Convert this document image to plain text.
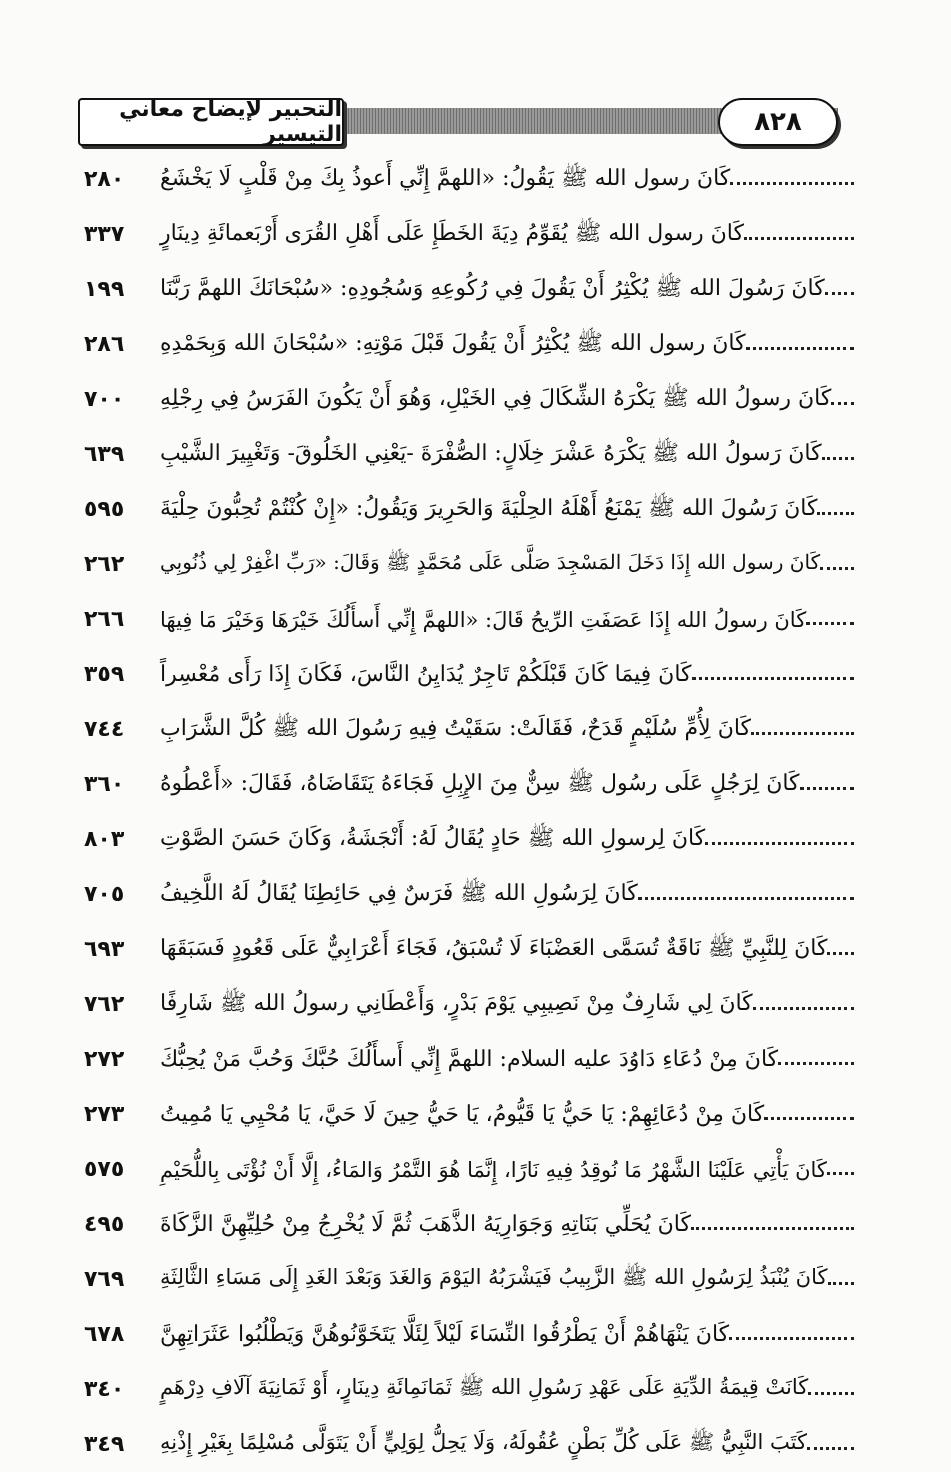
التحبير لإيضاح معاني التيسير	٨٢٨
٢٨٠	كَانَ رسول الله ﷺ يَقُولُ: «اللهمَّ إِنِّي أَعوذُ بِكَ مِنْ قَلْبٍ لَا يَخْشَعُ
٣٣٧	كَانَ رسول الله ﷺ يُقَوِّمُ دِيَةَ الخَطَإِ عَلَى أَهْلِ القُرَى أَرْبَعمائَةِ دِينَارٍ
١٩٩	كَانَ رَسُولَ الله ﷺ يُكْثِرُ أَنْ يَقُولَ فِي رُكُوعِهِ وَسُجُودِهِ: «سُبْحَانَكَ اللهمَّ رَبَّنَا
٢٨٦	كَانَ رسول الله ﷺ يُكْثِرُ أَنْ يَقُولَ قَبْلَ مَوْتِهِ: «سُبْحَانَ الله وَبِحَمْدِهِ
٧٠٠	كَانَ رسولُ الله ﷺ يَكْرَهُ الشِّكَالَ فِي الخَيْلِ، وَهُوَ أَنْ يَكُونَ الفَرَسُ فِي رِجْلِهِ
٦٣٩	كَانَ رَسولُ الله ﷺ يَكْرَهُ عَشْرَ خِلَالٍ: الصُّفْرَةَ -يَعْنِي الخَلُوقَ- وَتَغْيِيرَ الشَّيْبِ
٥٩٥	كَانَ رَسُولَ الله ﷺ يَمْنَعُ أَهْلَهُ الحِلْيَةَ وَالحَرِيرَ وَيَقُولُ: «إِنْ كُنْتُمْ تُحِبُّونَ حِلْيَةَ
٢٦٢	كَانَ رسول الله إِذَا دَخَلَ المَسْجِدَ صَلَّى عَلَى مُحَمَّدٍ ﷺ وَقَالَ: «رَبِّ اغْفِرْ لِي ذُنُوبِي
٢٦٦	كَانَ رسولُ الله إِذَا عَصَفَتِ الرِّيحُ قَالَ: «اللهمَّ إِنِّي أَسأَلُكَ خَيْرَهَا وَخَيْرَ مَا فِيهَا
٣٥٩	كَانَ فِيمَا كَانَ قَبْلَكُمْ تَاجِرٌ يُدَايِنُ النَّاسَ، فَكَانَ إِذَا رَأَى مُعْسِراً
٧٤٤	كَانَ لِأُمِّ سُلَيْمٍ قَدَحٌ، فَقَالَتْ: سَقَيْتُ فِيهِ رَسُولَ الله ﷺ كُلَّ الشَّرَابِ
٣٦٠	كَانَ لِرَجُلٍ عَلَى رسُول ﷺ سِنٌّ مِنَ الإِبِلِ فَجَاءَهُ يَتَقَاضَاهُ، فَقَالَ: «أَعْطُوهُ
٨٠٣	كَانَ لِرسولِ الله ﷺ حَادٍ يُقَالُ لَهُ: أَنْجَشَةُ، وَكَانَ حَسَنَ الصَّوْتِ
٧٠٥	كَانَ لِرَسُولِ الله ﷺ فَرَسٌ فِي حَائِطِنَا يُقَالُ لَهُ اللَّخِيفُ
٦٩٣	كَانَ لِلنَّبِيِّ ﷺ نَاقَةٌ تُسَمَّى العَضْبَاءَ لَا تُسْبَقُ، فَجَاءَ أَعْرَابِيٌّ عَلَى قَعُودٍ فَسَبَقَهَا
٧٦٢	كَانَ لِي شَارِفٌ مِنْ نَصِيبِي يَوْمَ بَدْرٍ، وَأَعْطَانِي رسولُ الله ﷺ شَارِفًا
٢٧٢	كَانَ مِنْ دُعَاءِ دَاوُدَ عليه السلام: اللهمَّ إِنِّي أَسأَلُكَ حُبَّكَ وَحُبَّ مَنْ يُحِبُّكَ
٢٧٣	كَانَ مِنْ دُعَائِهِمْ: يَا حَيُّ يَا قَيُّومُ، يَا حَيُّ حِينَ لَا حَيَّ، يَا مُحْيِي يَا مُمِيتُ
٥٧٥	كَانَ يَأْتِي عَلَيْنَا الشَّهْرُ مَا نُوقِدُ فِيهِ نَارًا، إِنَّمَا هُوَ التَّمْرُ وَالمَاءُ، إِلَّا أَنْ نُؤْتَى بِاللُّحَيْمِ
٤٩٥	كَانَ يُحَلِّي بَنَاتِهِ وَجَوَارِيَهُ الذَّهَبَ ثُمَّ لَا يُخْرِجُ مِنْ حُلِيِّهِنَّ الزَّكَاةَ
٧٦٩	كَانَ يُنْبَذُ لِرَسُولِ الله ﷺ الزَّبِيبُ فَيَشْرَبُهُ اليَوْمَ وَالغَدَ وَبَعْدَ الغَدِ إِلَى مَسَاءِ الثَّالِثَةِ
٦٧٨	كَانَ يَنْهَاهُمْ أَنْ يَطْرُقُوا النِّسَاءَ لَيْلاً لِئَلَّا يَتَخَوَّنُوهُنَّ وَيَطْلُبُوا عَثَرَاتِهِنَّ
٣٤٠	كَانَتْ قِيمَةُ الدِّيَةِ عَلَى عَهْدِ رَسُولِ الله ﷺ ثَمَانَمِائَةِ دِينَارٍ، أَوْ ثَمَانِيَةَ آلَافِ دِرْهَمٍ
٣٤٩	كَتَبَ النَّبِيُّ ﷺ عَلَى كُلِّ بَطْنٍ عُقُولَهُ، وَلَا يَحِلُّ لِوَلِيٍّ أَنْ يَتَوَلَّى مُسْلِمًا بِغَيْرِ إِذْنِهِ
